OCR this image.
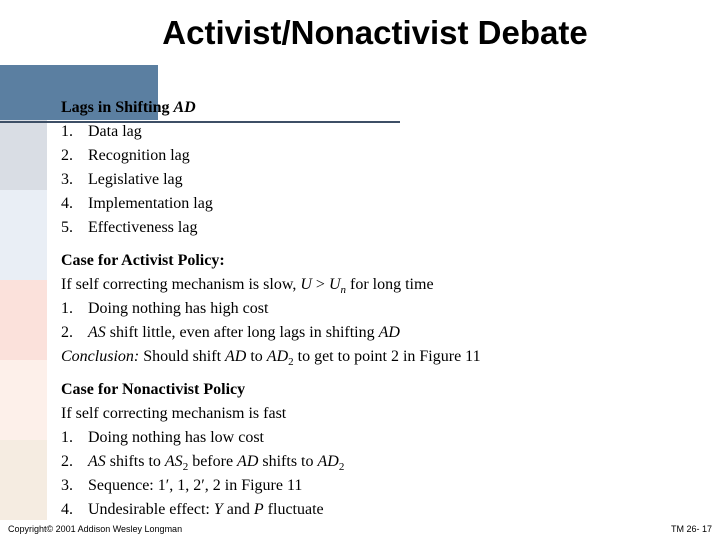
Activist/Nonactivist Debate
Lags in Shifting AD
1. Data lag
2. Recognition lag
3. Legislative lag
4. Implementation lag
5. Effectiveness lag
Case for Activist Policy:
If self correcting mechanism is slow, $U > U_n$ for long time
1. Doing nothing has high cost
2. AS shift little, even after long lags in shifting AD
Conclusion: Should shift AD to $AD_2$ to get to point 2 in Figure 11
Case for Nonactivist Policy
If self correcting mechanism is fast
1. Doing nothing has low cost
2. AS shifts to $AS_2$ before AD shifts to $AD_2$
3. Sequence: 1′, 1, 2′, 2 in Figure 11
4. Undesirable effect: Y and P fluctuate
Copyright© 2001 Addison Wesley Longman	TM 26- 17
